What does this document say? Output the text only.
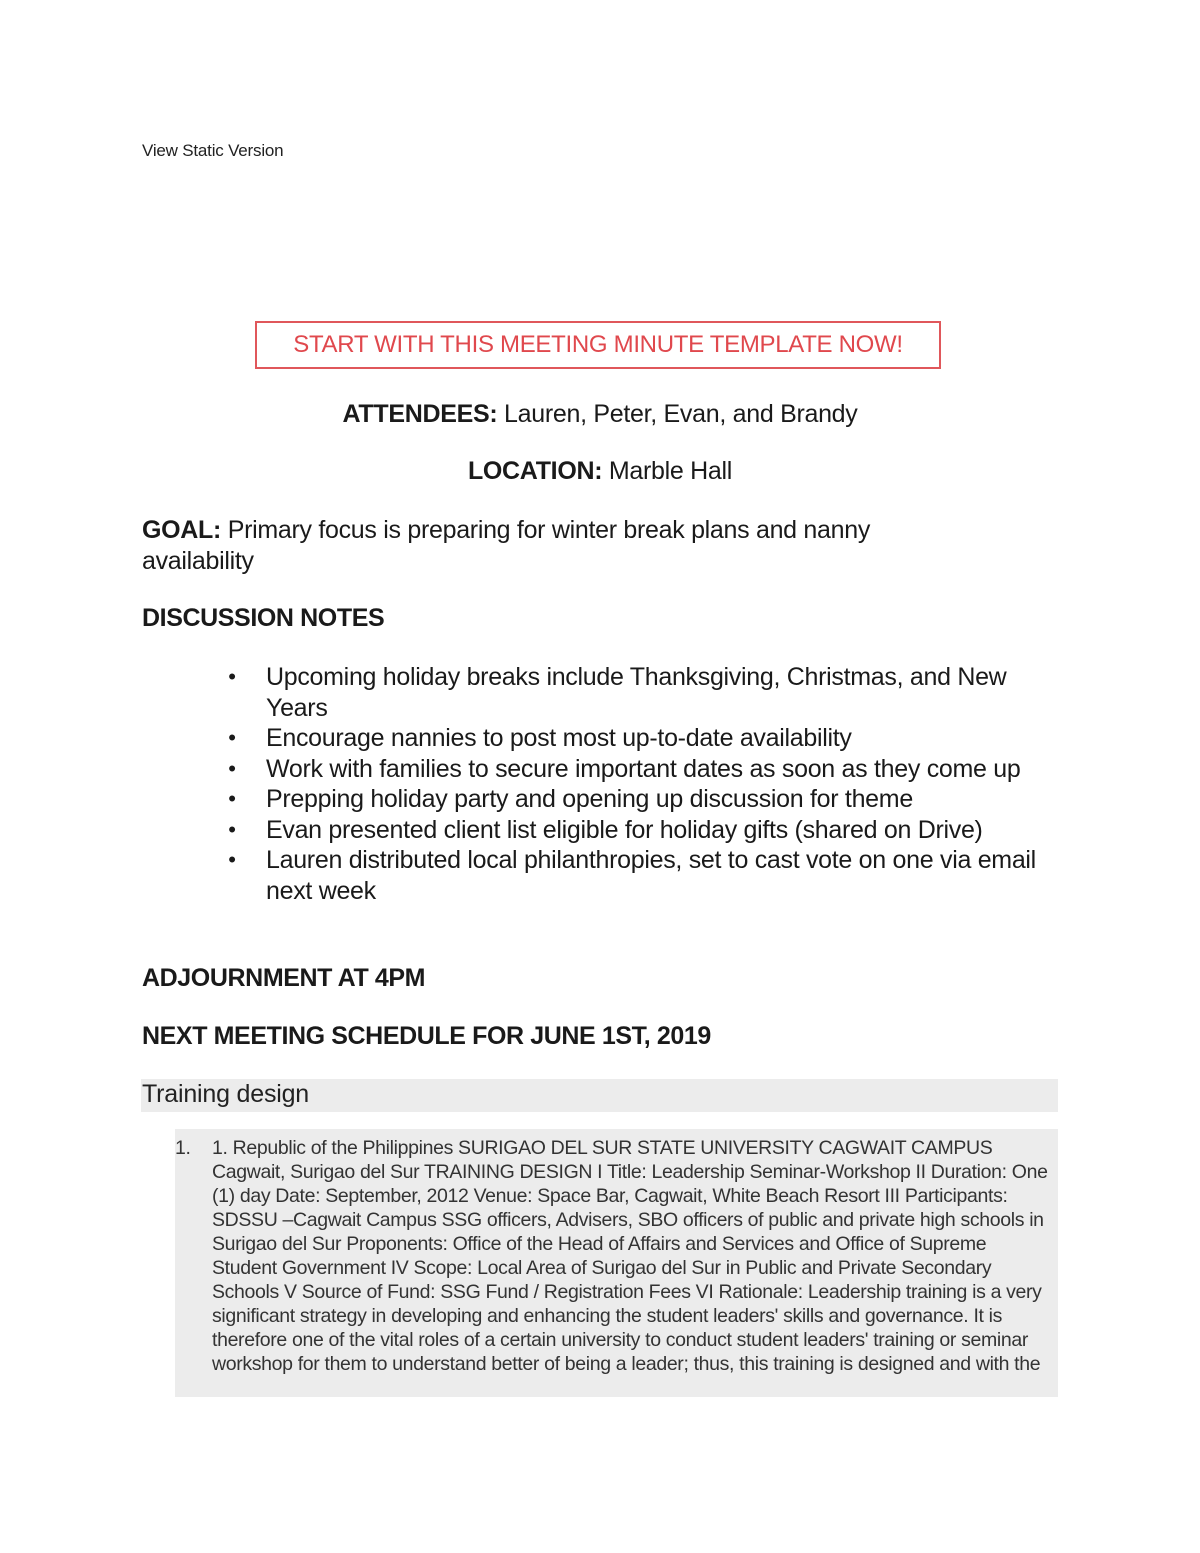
View Static Version
START WITH THIS MEETING MINUTE TEMPLATE NOW!
ATTENDEES: Lauren, Peter, Evan, and Brandy
LOCATION: Marble Hall
GOAL: Primary focus is preparing for winter break plans and nanny availability
DISCUSSION NOTES
• Upcoming holiday breaks include Thanksgiving, Christmas, and New Years
• Encourage nannies to post most up-to-date availability
• Work with families to secure important dates as soon as they come up
• Prepping holiday party and opening up discussion for theme
• Evan presented client list eligible for holiday gifts (shared on Drive)
• Lauren distributed local philanthropies, set to cast vote on one via email next week
ADJOURNMENT AT 4PM
NEXT MEETING SCHEDULE FOR JUNE 1ST, 2019
Training design
1. 1. Republic of the Philippines SURIGAO DEL SUR STATE UNIVERSITY CAGWAIT CAMPUS Cagwait, Surigao del Sur TRAINING DESIGN I Title: Leadership Seminar-Workshop II Duration: One (1) day Date: September, 2012 Venue: Space Bar, Cagwait, White Beach Resort III Participants: SDSSU –Cagwait Campus SSG officers, Advisers, SBO officers of public and private high schools in Surigao del Sur Proponents: Office of the Head of Affairs and Services and Office of Supreme Student Government IV Scope: Local Area of Surigao del Sur in Public and Private Secondary Schools V Source of Fund: SSG Fund / Registration Fees VI Rationale: Leadership training is a very significant strategy in developing and enhancing the student leaders' skills and governance. It is therefore one of the vital roles of a certain university to conduct student leaders' training or seminar workshop for them to understand better of being a leader; thus, this training is designed and with the
